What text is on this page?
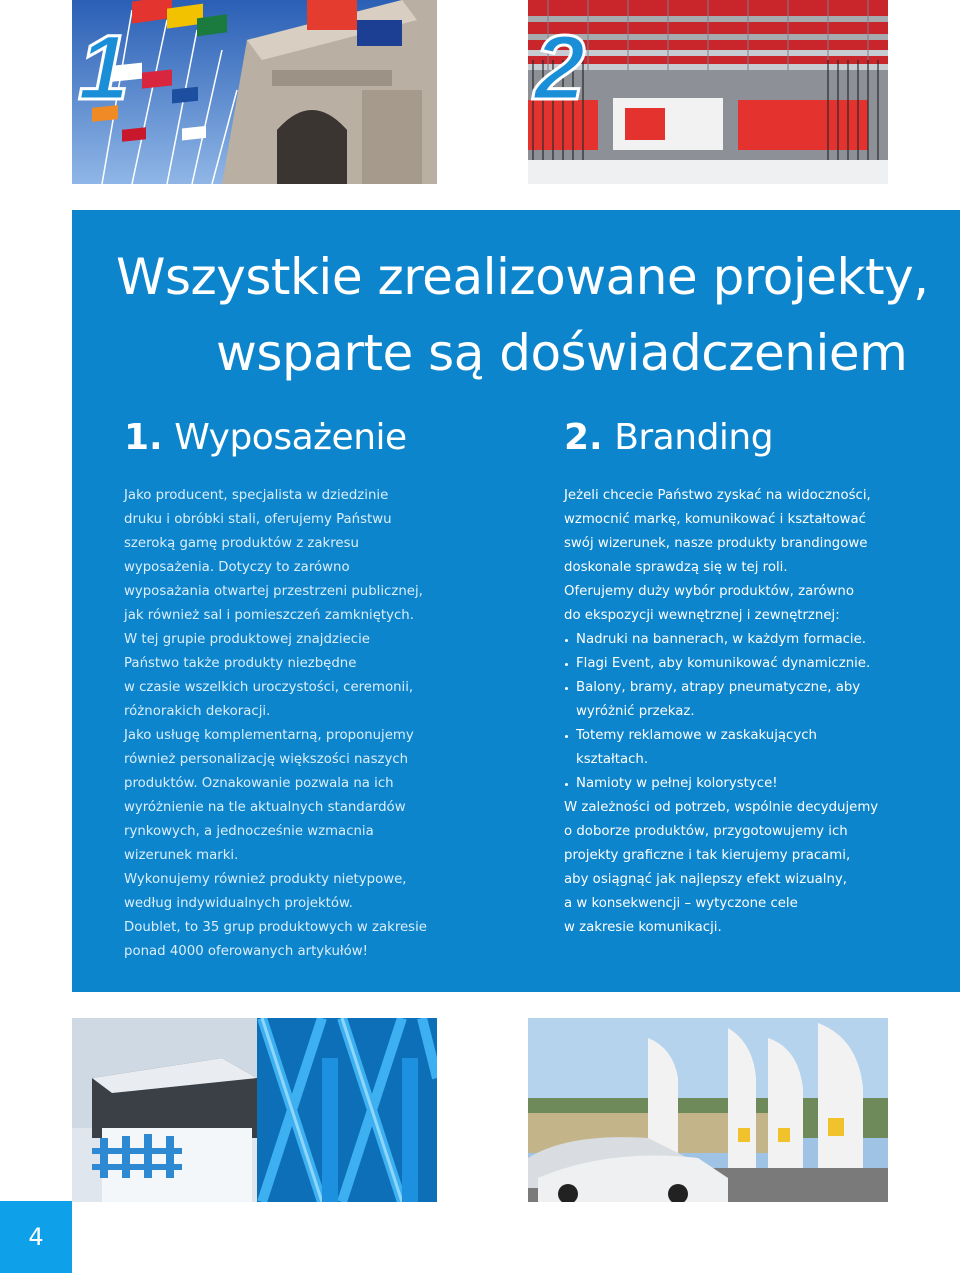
1	2
Wszystkie zrealizowane projekty,
wsparte są doświadczeniem
1. Wyposażenie	2. Branding
Jako producent, specjalista w dziedzinie
druku i obróbki stali, oferujemy Państwu
szeroką gamę produktów z zakresu
wyposażenia. Dotyczy to zarówno
wyposażania otwartej przestrzeni publicznej,
jak również sal i pomieszczeń zamkniętych.
W tej grupie produktowej znajdziecie
Państwo także produkty niezbędne
w czasie wszelkich uroczystości, ceremonii,
różnorakich dekoracji.
Jako usługę komplementarną, proponujemy
również personalizację większości naszych
produktów. Oznakowanie pozwala na ich
wyróżnienie na tle aktualnych standardów
rynkowych, a jednocześnie wzmacnia
wizerunek marki.
Wykonujemy również produkty nietypowe,
według indywidualnych projektów.
Doublet, to 35 grup produktowych w zakresie
ponad 4000 oferowanych artykułów!
Jeżeli chcecie Państwo zyskać na widoczności,
wzmocnić markę, komunikować i kształtować
swój wizerunek, nasze produkty brandingowe
doskonale sprawdzą się w tej roli.
Oferujemy duży wybór produktów, zarówno
do ekspozycji wewnętrznej i zewnętrznej:
Nadruki na bannerach, w każdym formacie.
Flagi Event, aby komunikować dynamicznie.
Balony, bramy, atrapy pneumatyczne, aby
wyróżnić przekaz.
Totemy reklamowe w zaskakujących
kształtach.
Namioty w pełnej kolorystyce!
W zależności od potrzeb, wspólnie decydujemy
o doborze produktów, przygotowujemy ich
projekty graficzne i tak kierujemy pracami,
aby osiągnąć jak najlepszy efekt wizualny,
a w konsekwencji – wytyczone cele
w zakresie komunikacji.
4
